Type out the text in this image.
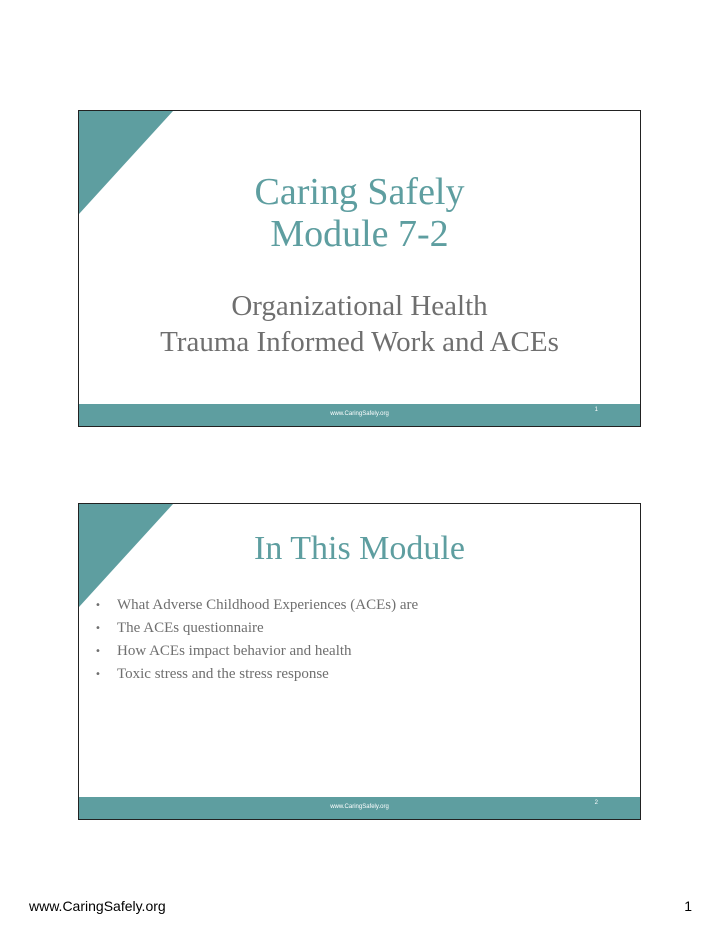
Caring Safely
Module 7-2
Organizational Health
Trauma Informed Work and ACEs
www.CaringSafely.org
1
In This Module
• What Adverse Childhood Experiences (ACEs) are
• The ACEs questionnaire
• How ACEs impact behavior and health
• Toxic stress and the stress response
www.CaringSafely.org
2
www.CaringSafely.org	1
